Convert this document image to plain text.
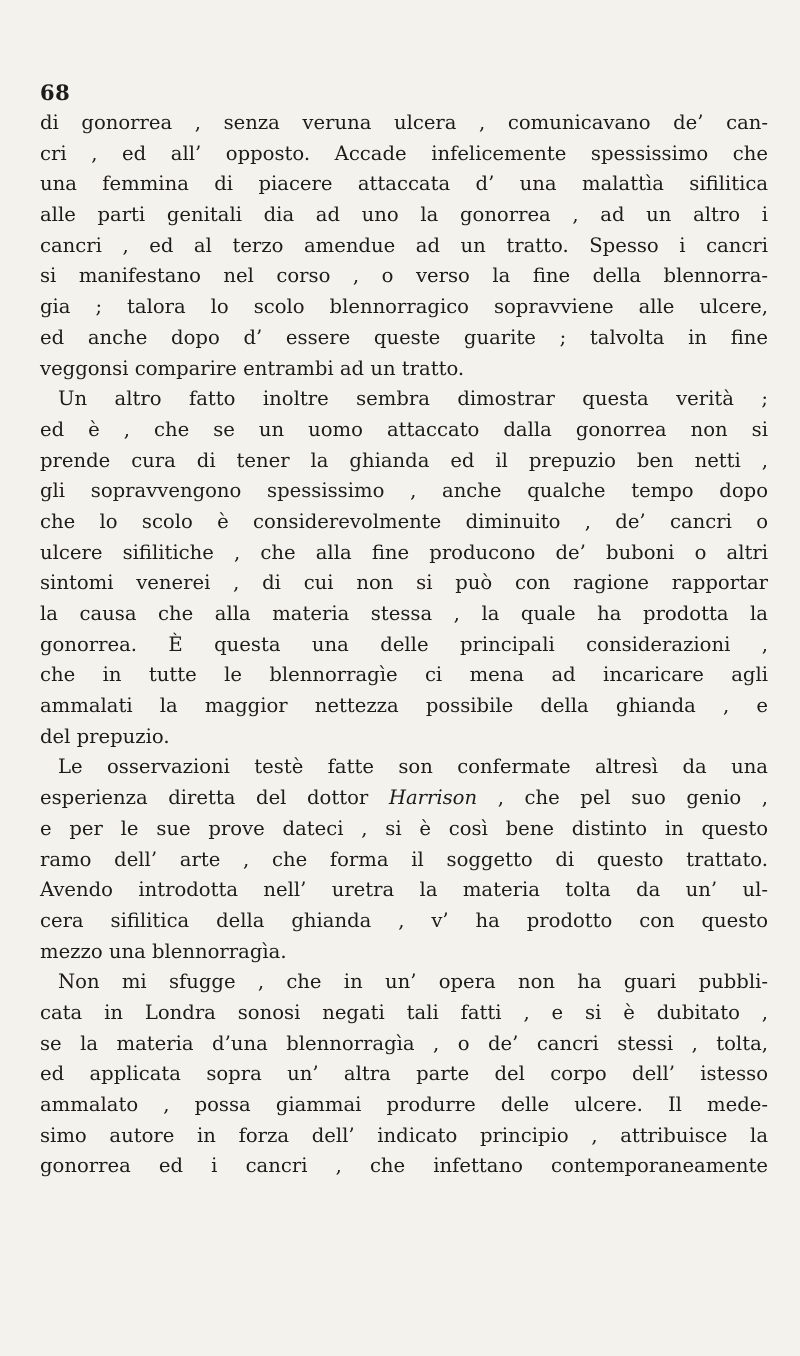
68
di gonorrea , senza veruna ulcera , comunicavano de’ can-
cri , ed all’ opposto. Accade infelicemente spessissimo che
una femmina di piacere attaccata d’ una malattìa sifilitica
alle parti genitali dia ad uno la gonorrea , ad un altro i
cancri , ed al terzo amendue ad un tratto. Spesso i cancri
si manifestano nel corso , o verso la fine della blennorra-
gia ; talora lo scolo blennorragico sopravviene alle ulcere,
ed anche dopo d’ essere queste guarite ; talvolta in fine
veggonsi comparire entrambi ad un tratto.
Un altro fatto inoltre sembra dimostrar questa verità ;
ed è , che se un uomo attaccato dalla gonorrea non si
prende cura di tener la ghianda ed il prepuzio ben netti ,
gli sopravvengono spessissimo , anche qualche tempo dopo
che lo scolo è considerevolmente diminuito , de’ cancri o
ulcere sifilitiche , che alla fine producono de’ buboni o altri
sintomi venerei , di cui non si può con ragione rapportar
la causa che alla materia stessa , la quale ha prodotta la
gonorrea. È questa una delle principali considerazioni ,
che in tutte le blennorragìe ci mena ad incaricare agli
ammalati la maggior nettezza possibile della ghianda , e
del prepuzio.
Le osservazioni testè fatte son confermate altresì da una
esperienza diretta del dottor Harrison , che pel suo genio ,
e per le sue prove dateci , si è così bene distinto in questo
ramo dell’ arte , che forma il soggetto di questo trattato.
Avendo introdotta nell’ uretra la materia tolta da un’ ul-
cera sifilitica della ghianda , v’ ha prodotto con questo
mezzo una blennorragìa.
Non mi sfugge , che in un’ opera non ha guari pubbli-
cata in Londra sonosi negati tali fatti , e si è dubitato ,
se la materia d’una blennorragìa , o de’ cancri stessi , tolta,
ed applicata sopra un’ altra parte del corpo dell’ istesso
ammalato , possa giammai produrre delle ulcere. Il mede-
simo autore in forza dell’ indicato principio , attribuisce la
gonorrea ed i cancri , che infettano contemporaneamente
